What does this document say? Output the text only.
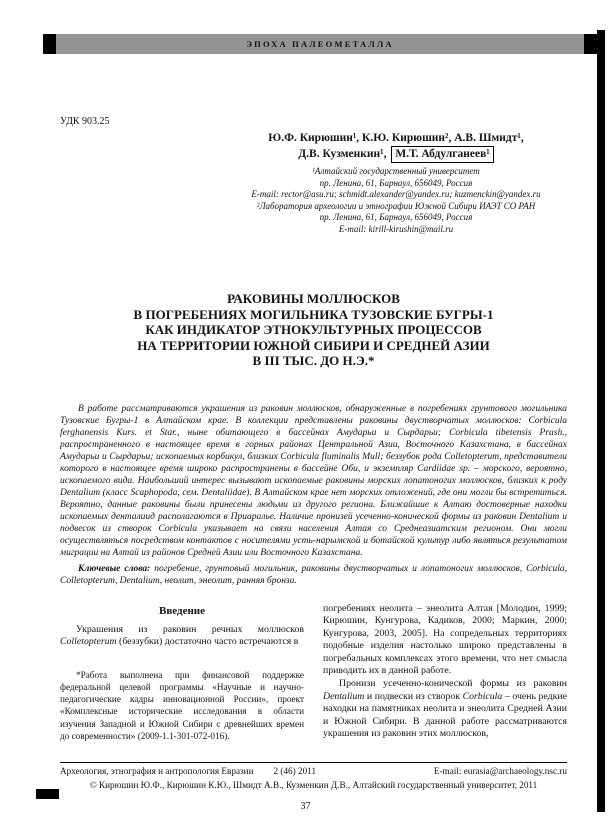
ЭПОХА ПАЛЕОМЕТАЛЛА
УДК 903.25
Ю.Ф. Кирюшин¹, К.Ю. Кирюшин², А.В. Шмидт¹,
Д.В. Кузменкин¹, М.Т. Абдулганеев¹
¹Алтайский государственный университет
пр. Ленина, 61, Барнаул, 656049, Россия
E-mail: rector@asu.ru; schmidt.alexander@yandex.ru; kuzmenckin@yandex.ru
²Лаборатория археологии и этнографии Южной Сибири ИАЭТ СО РАН
пр. Ленина, 61, Барнаул, 656049, Россия
E-mail: kirill-kirushin@mail.ru
РАКОВИНЫ МОЛЛЮСКОВ
В ПОГРЕБЕНИЯХ МОГИЛЬНИКА ТУЗОВСКИЕ БУГРЫ-1
КАК ИНДИКАТОР ЭТНОКУЛЬТУРНЫХ ПРОЦЕССОВ
НА ТЕРРИТОРИИ ЮЖНОЙ СИБИРИ И СРЕДНЕЙ АЗИИ
В III ТЫС. ДО Н.Э.*

В работе рассматриваются украшения из раковин моллюсков, обнаруженные в погребениях грунтового могильника Тузовские Бугры-1 в Алтайском крае. В коллекции представлены раковины двустворчатых моллюсков: Corbicula ferghanensis Kurs. et Star., ныне обитающего в бассейнах Амударьи и Сырдарьи; Corbicula tibetensis Prash., распространенного в настоящее время в горных районах Центральной Азии, Восточного Казахстана, в бассейнах Амударьи и Сырдарьи; ископаемых корбикул, близких Corbicula fluminalis Mull; беззубок рода Colletopterum, представители которого в настоящее время широко распространены в бассейне Оби, и экземпляр Cardiidae sp. – морского, вероятно, ископаемого вида. Наибольший интерес вызывают ископаемые раковины морских лопатоногих моллюсков, близких к роду Dentalium (класс Scaphopoda, сем. Dentaliidae). В Алтайском крае нет морских отложений, где они могли бы встретиться. Вероятно, данные раковины были принесены людьми из другого региона. Ближайшие к Алтаю достоверные находки ископаемых денталиид располагаются в Приаралье. Наличие пронизей усеченно-конической формы из раковин Dentalium и подвесок из створок Corbicula указывает на связи населения Алтая со Среднеазиатским регионом. Они могли осуществляться посредством контактов с носителями усть-нарымской и ботайской культур либо являться результатом миграции на Алтай из районов Средней Азии или Восточного Казахстана.

Ключевые слова: погребение, грунтовый могильник, раковины двустворчатых и лопатоногих моллюсков, Corbicula, Colletopterum, Dentalium, неолит, энеолит, ранняя бронза.

Введение

Украшения из раковин речных моллюсков Colletopterum (беззубки) достаточно часто встречаются в

*Работа выполнена при финансовой поддержке федеральной целевой программы «Научные и научно-педагогические кадры инновационной России», проект «Комплексные исторические исследования в области изучения Западной и Южной Сибири с древнейших времен до современности» (2009-1.1-301-072-016).

погребениях неолита – энеолита Алтая [Молодин, 1999; Кирюшин, Кунгурова, Кадиков, 2000; Маркин, 2000; Кунгурова, 2003, 2005]. На сопредельных территориях подобные изделия настолько широко представлены в погребальных комплексах этого времени, что нет смысла приводить их в данной работе.

Пронизи усеченно-конической формы из раковин Dentalium и подвески из створок Corbicula – очень редкие находки на памятниках неолита и энеолита Средней Азии и Южной Сибири. В данной работе рассматриваются украшения из раковин этих моллюсков,

Археология, этнография и антропология Евразии 2 (46) 2011	E-mail: eurasia@archaeology.nsc.ru
© Кирюшин Ю.Ф., Кирюшин К.Ю., Шмидт А.В., Кузменкин Д.В., Алтайский государственный университет, 2011
37
